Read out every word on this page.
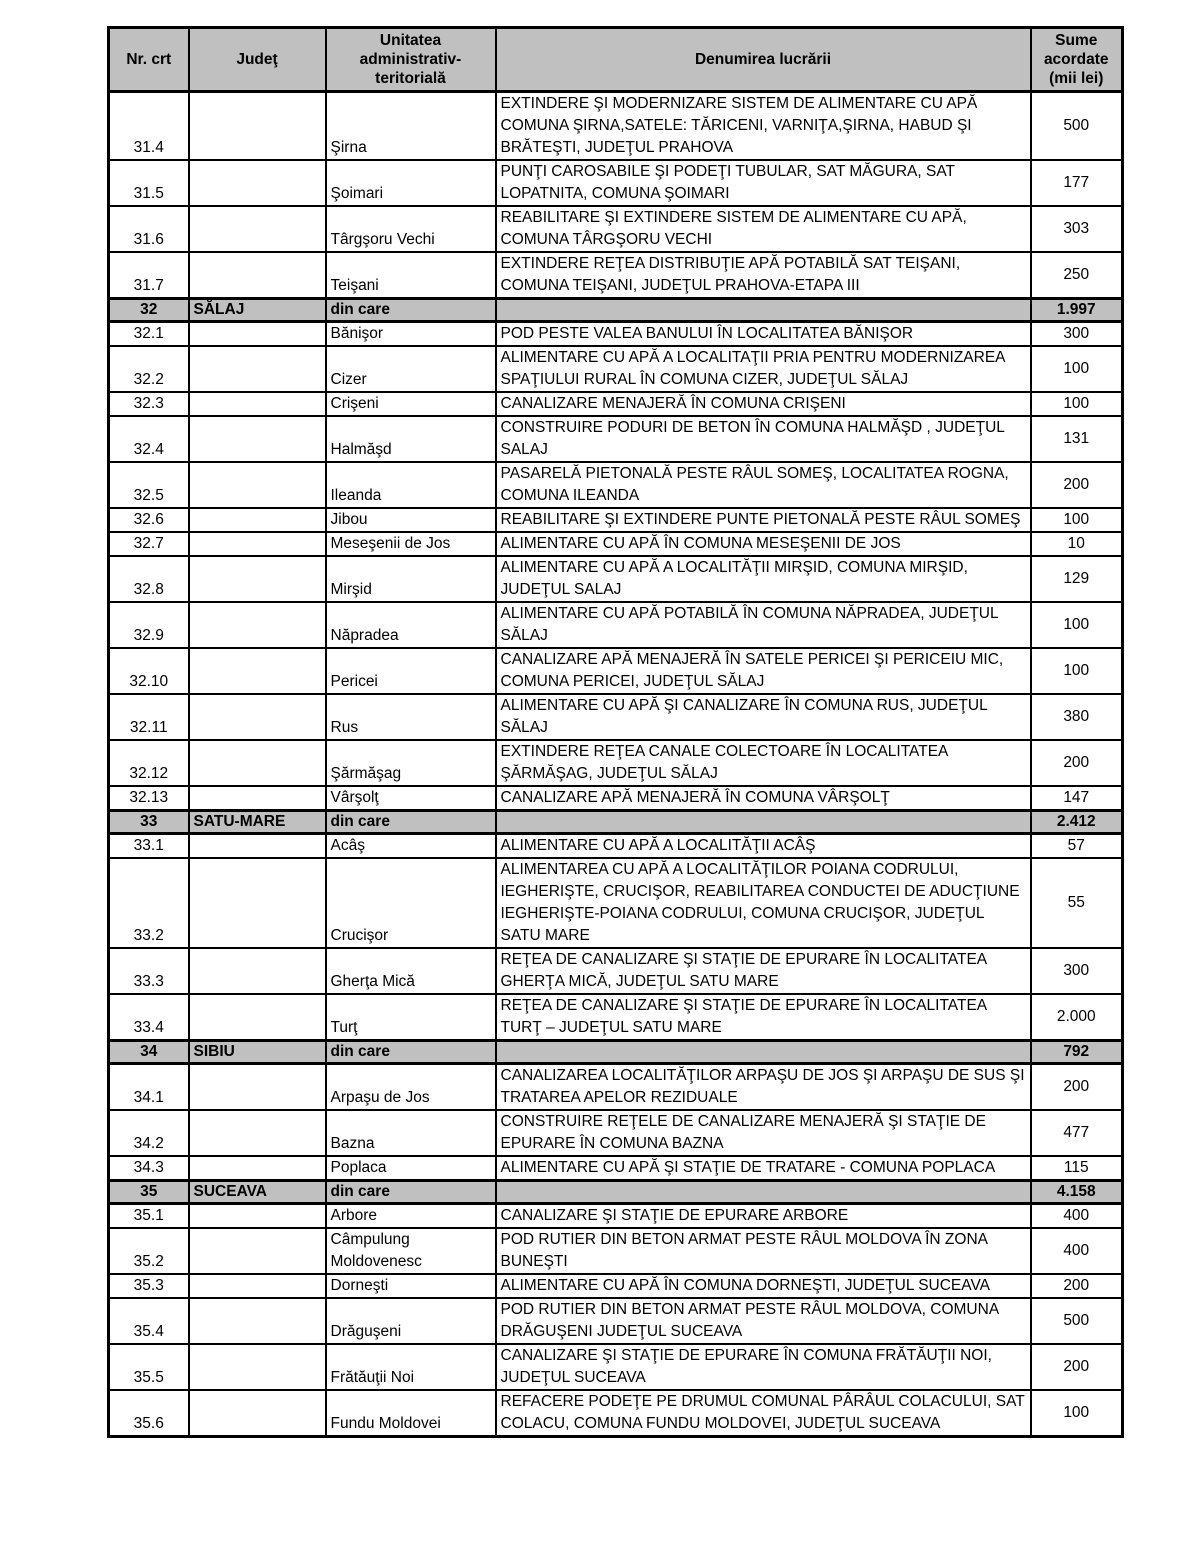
Nr. crt	Judeţ	Unitatea administrativ-teritorială	Denumirea lucrării	Sume acordate (mii lei)
31.4		Şirna	EXTINDERE ŞI MODERNIZARE SISTEM DE ALIMENTARE CU APĂ COMUNA ŞIRNA,SATELE: TĂRICENI, VARNIŢA,ŞIRNA, HABUD ŞI BRĂTEŞTI, JUDEŢUL PRAHOVA	500
31.5		Şoimari	PUNŢI CAROSABILE ŞI PODEŢI TUBULAR, SAT MĂGURA, SAT LOPATNITA, COMUNA ŞOIMARI	177
31.6		Târgşoru Vechi	REABILITARE ŞI EXTINDERE SISTEM DE ALIMENTARE CU APĂ, COMUNA TÂRGŞORU VECHI	303
31.7		Teişani	EXTINDERE REŢEA DISTRIBUŢIE APĂ POTABILĂ SAT TEIŞANI, COMUNA TEIŞANI, JUDEŢUL PRAHOVA-ETAPA III	250
32	SĂLAJ	din care		1.997
32.1		Bănişor	POD PESTE VALEA BANULUI ÎN LOCALITATEA BĂNIŞOR	300
32.2		Cizer	ALIMENTARE CU APĂ A LOCALITAŢII PRIA PENTRU MODERNIZAREA SPAŢIULUI RURAL ÎN COMUNA CIZER, JUDEŢUL SĂLAJ	100
32.3		Crişeni	CANALIZARE MENAJERĂ ÎN COMUNA CRIŞENI	100
32.4		Halmăşd	CONSTRUIRE PODURI DE BETON ÎN COMUNA HALMĂŞD , JUDEŢUL SALAJ	131
32.5		Ileanda	PASARELĂ PIETONALĂ PESTE RÂUL SOMEŞ, LOCALITATEA ROGNA, COMUNA ILEANDA	200
32.6		Jibou	REABILITARE ŞI EXTINDERE PUNTE PIETONALĂ PESTE RÂUL SOMEŞ	100
32.7		Meseşenii de Jos	ALIMENTARE CU APĂ ÎN COMUNA MESEŞENII DE JOS	10
32.8		Mirşid	ALIMENTARE CU APĂ A LOCALITĂŢII MIRŞID, COMUNA MIRŞID, JUDEŢUL SALAJ	129
32.9		Năpradea	ALIMENTARE CU APĂ POTABILĂ ÎN COMUNA NĂPRADEA, JUDEŢUL SĂLAJ	100
32.10		Pericei	CANALIZARE APĂ MENAJERĂ ÎN SATELE PERICEI ŞI PERICEIU MIC, COMUNA PERICEI, JUDEŢUL SĂLAJ	100
32.11		Rus	ALIMENTARE CU APĂ ŞI CANALIZARE ÎN COMUNA RUS, JUDEŢUL SĂLAJ	380
32.12		Şărmăşag	EXTINDERE REŢEA CANALE COLECTOARE ÎN LOCALITATEA ŞĂRMĂŞAG, JUDEŢUL SĂLAJ	200
32.13		Vârşolţ	CANALIZARE APĂ MENAJERĂ ÎN COMUNA VÂRŞOLŢ	147
33	SATU-MARE	din care		2.412
33.1		Acâş	ALIMENTARE CU APĂ A LOCALITĂŢII ACÂŞ	57
33.2		Crucişor	ALIMENTAREA CU APĂ A LOCALITĂŢILOR POIANA CODRULUI, IEGHERIŞTE, CRUCIŞOR, REABILITAREA CONDUCTEI DE ADUCŢIUNE IEGHERIŞTE-POIANA CODRULUI, COMUNA CRUCIŞOR, JUDEŢUL SATU MARE	55
33.3		Gherţa Mică	REŢEA DE CANALIZARE ŞI STAŢIE DE EPURARE ÎN LOCALITATEA GHERŢA MICĂ, JUDEŢUL SATU MARE	300
33.4		Turţ	REŢEA DE CANALIZARE ŞI STAŢIE DE EPURARE ÎN LOCALITATEA TURŢ – JUDEŢUL SATU MARE	2.000
34	SIBIU	din care		792
34.1		Arpaşu de Jos	CANALIZAREA LOCALITĂŢILOR ARPAŞU DE JOS ŞI ARPAŞU DE SUS ŞI TRATAREA APELOR REZIDUALE	200
34.2		Bazna	CONSTRUIRE REŢELE DE CANALIZARE MENAJERĂ ŞI STAŢIE DE EPURARE ÎN COMUNA BAZNA	477
34.3		Poplaca	ALIMENTARE CU APĂ ŞI STAŢIE DE TRATARE - COMUNA POPLACA	115
35	SUCEAVA	din care		4.158
35.1		Arbore	CANALIZARE ŞI STAŢIE DE EPURARE ARBORE	400
35.2		Câmpulung Moldovenesc	POD RUTIER DIN BETON ARMAT PESTE RÂUL MOLDOVA ÎN ZONA BUNEŞTI	400
35.3		Dorneşti	ALIMENTARE CU APĂ ÎN COMUNA DORNEŞTI, JUDEŢUL SUCEAVA	200
35.4		Drăguşeni	POD RUTIER DIN BETON ARMAT PESTE RÂUL MOLDOVA, COMUNA DRĂGUŞENI JUDEŢUL SUCEAVA	500
35.5		Frătăuţii Noi	CANALIZARE ŞI STAŢIE DE EPURARE ÎN COMUNA FRĂTĂUŢII NOI, JUDEŢUL SUCEAVA	200
35.6		Fundu Moldovei	REFACERE PODEŢE PE DRUMUL COMUNAL PÂRÂUL COLACULUI, SAT COLACU, COMUNA FUNDU MOLDOVEI, JUDEŢUL SUCEAVA	100
